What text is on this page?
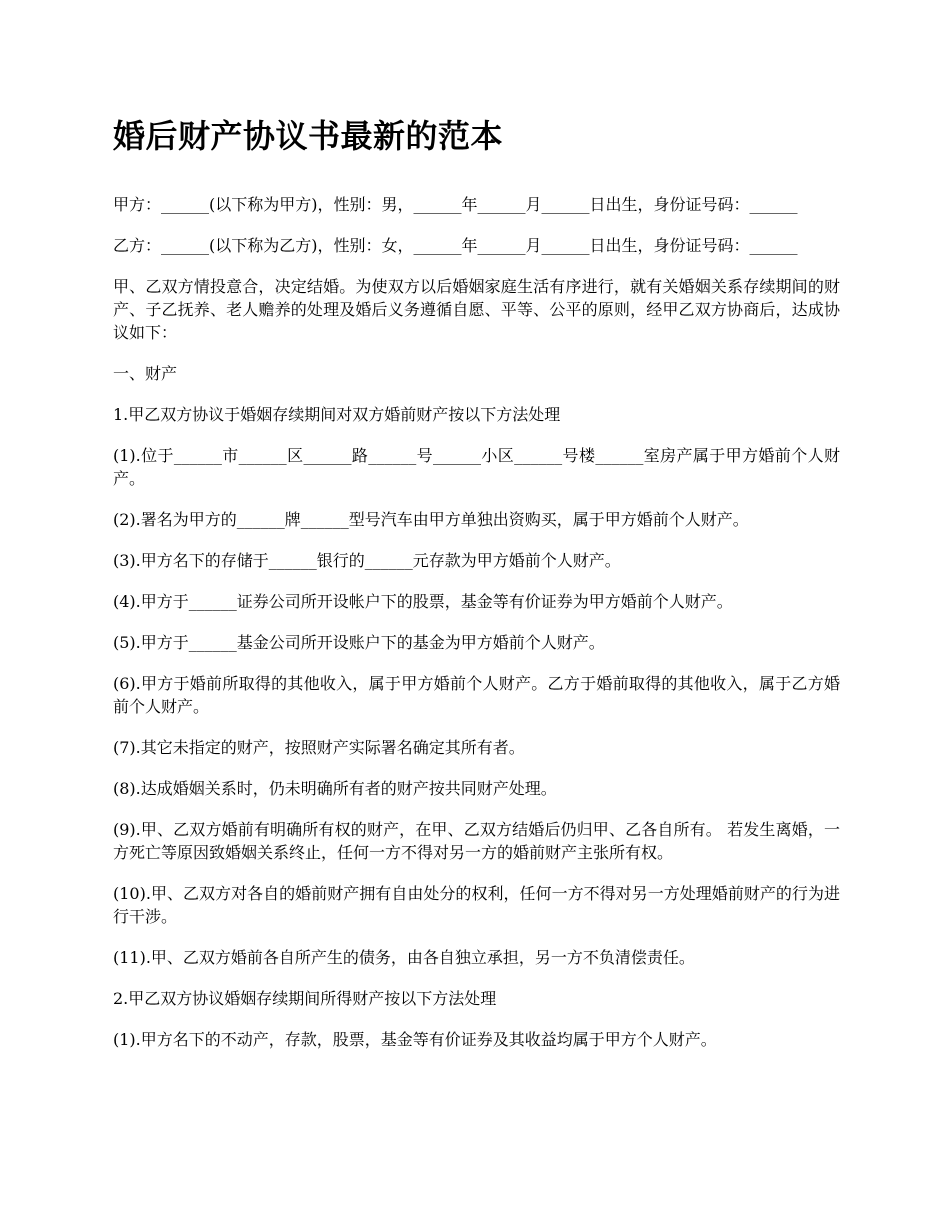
婚后财产协议书最新的范本

甲方：______(以下称为甲方)，性别：男，______年______月______日出生，身份证号码：______

乙方：______(以下称为乙方)，性别：女，______年______月______日出生，身份证号码：______

甲、乙双方情投意合，决定结婚。为使双方以后婚姻家庭生活有序进行，就有关婚姻关系存续期间的财产、子乙抚养、老人赡养的处理及婚后义务遵循自愿、平等、公平的原则，经甲乙双方协商后，达成协议如下：

一、财产

1.甲乙双方协议于婚姻存续期间对双方婚前财产按以下方法处理

(1).位于______市______区______路______号______小区______号楼______室房产属于甲方婚前个人财产。

(2).署名为甲方的______牌______型号汽车由甲方单独出资购买，属于甲方婚前个人财产。

(3).甲方名下的存储于______银行的______元存款为甲方婚前个人财产。

(4).甲方于______证券公司所开设帐户下的股票，基金等有价证券为甲方婚前个人财产。

(5).甲方于______基金公司所开设账户下的基金为甲方婚前个人财产。

(6).甲方于婚前所取得的其他收入，属于甲方婚前个人财产。乙方于婚前取得的其他收入，属于乙方婚前个人财产。

(7).其它未指定的财产，按照财产实际署名确定其所有者。

(8).达成婚姻关系时，仍未明确所有者的财产按共同财产处理。

(9).甲、乙双方婚前有明确所有权的财产，在甲、乙双方结婚后仍归甲、乙各自所有。 若发生离婚，一方死亡等原因致婚姻关系终止，任何一方不得对另一方的婚前财产主张所有权。

(10).甲、乙双方对各自的婚前财产拥有自由处分的权利，任何一方不得对另一方处理婚前财产的行为进行干涉。

(11).甲、乙双方婚前各自所产生的债务，由各自独立承担，另一方不负清偿责任。

2.甲乙双方协议婚姻存续期间所得财产按以下方法处理

(1).甲方名下的不动产，存款，股票，基金等有价证券及其收益均属于甲方个人财产。
